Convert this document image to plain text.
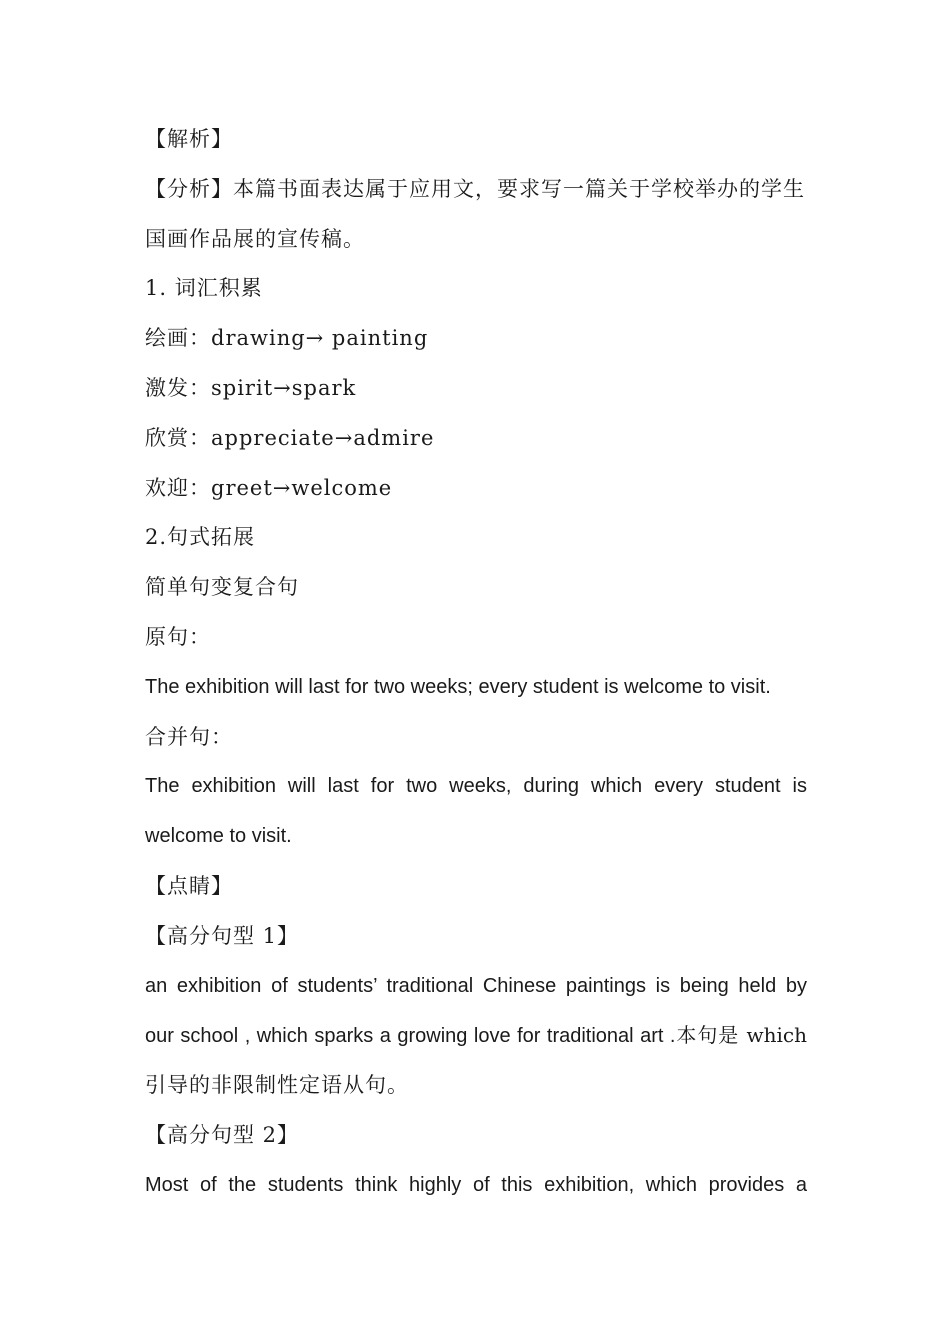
【解析】
【分析】本篇书面表达属于应用文，要求写一篇关于学校举办的学生
国画作品展的宣传稿。
1. 词汇积累
绘画：drawing→ painting
激发：spirit→spark
欣赏：appreciate→admire
欢迎：greet→welcome
2.句式拓展
简单句变复合句
原句：
The exhibition will last for two weeks; every student is welcome to visit.
合并句：
The exhibition will last for two weeks, during which every student is
welcome to visit.
【点睛】
【高分句型 1】
an exhibition of students’ traditional Chinese paintings is being held by
our school , which sparks a growing love for traditional art .本句是 which
引导的非限制性定语从句。
【高分句型 2】
Most of the students think highly of this exhibition, which provides a
